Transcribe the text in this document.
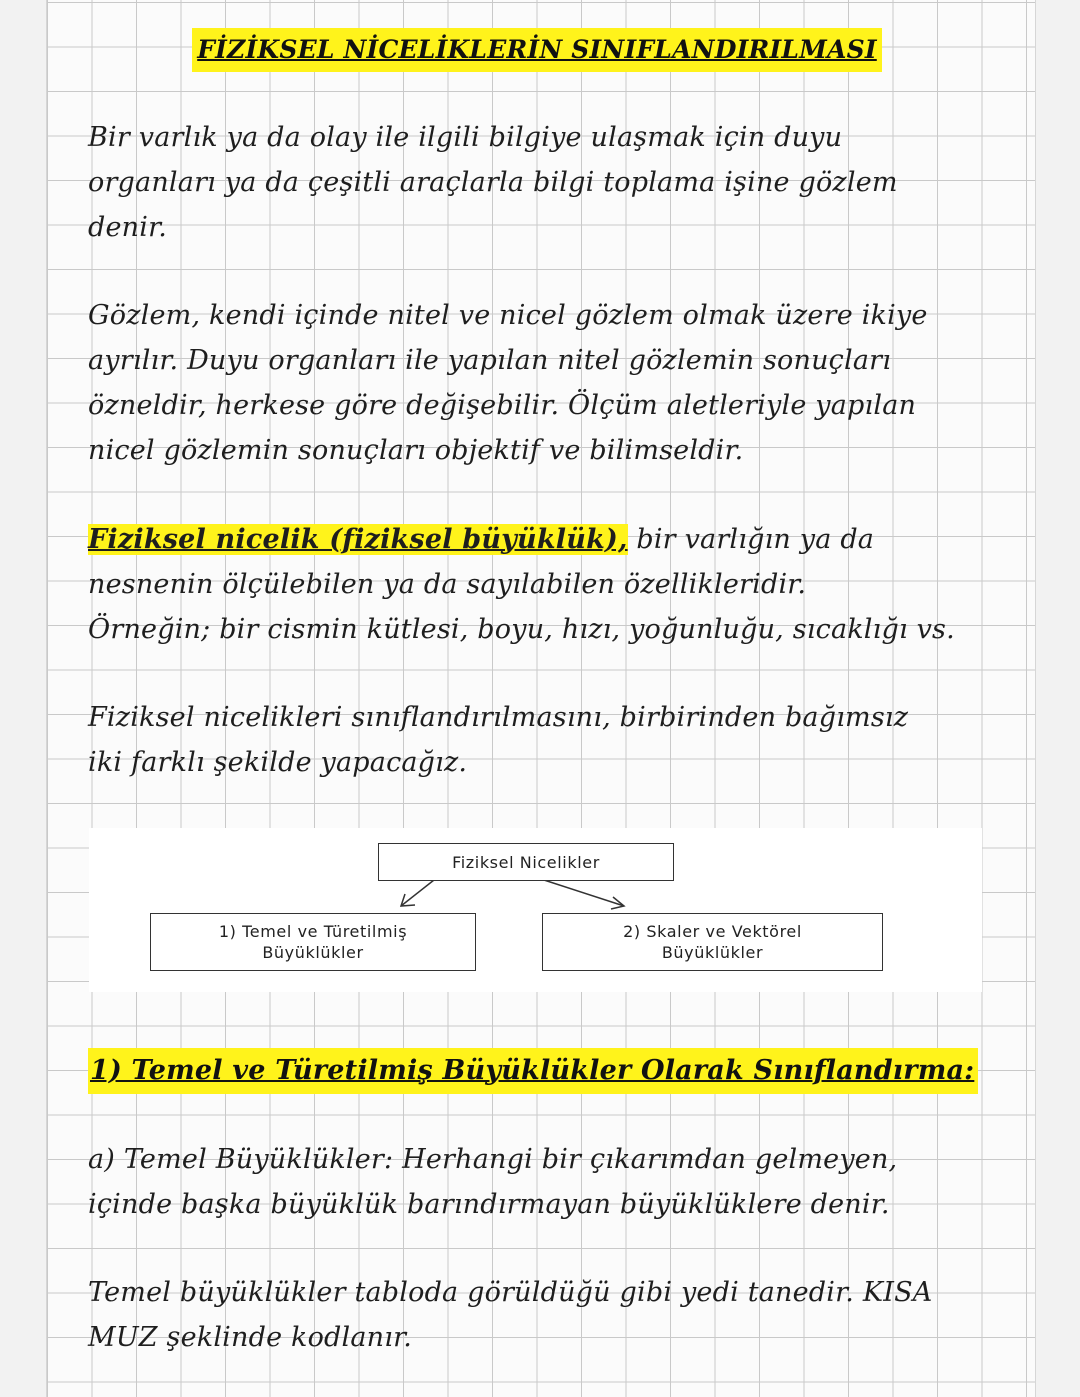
FİZİKSEL NİCELİKLERİN SINIFLANDIRILMASI
Bir varlık ya da olay ile ilgili bilgiye ulaşmak için duyu
organları ya da çeşitli araçlarla bilgi toplama işine gözlem
denir.
Gözlem, kendi içinde nitel ve nicel gözlem olmak üzere ikiye
ayrılır. Duyu organları ile yapılan nitel gözlemin sonuçları
özneldir, herkese göre değişebilir. Ölçüm aletleriyle yapılan
nicel gözlemin sonuçları objektif ve bilimseldir.
Fiziksel nicelik (fiziksel büyüklük), bir varlığın ya da
nesnenin ölçülebilen ya da sayılabilen özellikleridir.
Örneğin; bir cismin kütlesi, boyu, hızı, yoğunluğu, sıcaklığı vs.
Fiziksel nicelikleri sınıflandırılmasını, birbirinden bağımsız
iki farklı şekilde yapacağız.
Fiziksel Nicelikler
1) Temel ve Türetilmiş
Büyüklükler
2) Skaler ve Vektörel
Büyüklükler
1) Temel ve Türetilmiş Büyüklükler Olarak Sınıflandırma:
a) Temel Büyüklükler: Herhangi bir çıkarımdan gelmeyen,
içinde başka büyüklük barındırmayan büyüklüklere denir.
Temel büyüklükler tabloda görüldüğü gibi yedi tanedir. KISA
MUZ şeklinde kodlanır.
